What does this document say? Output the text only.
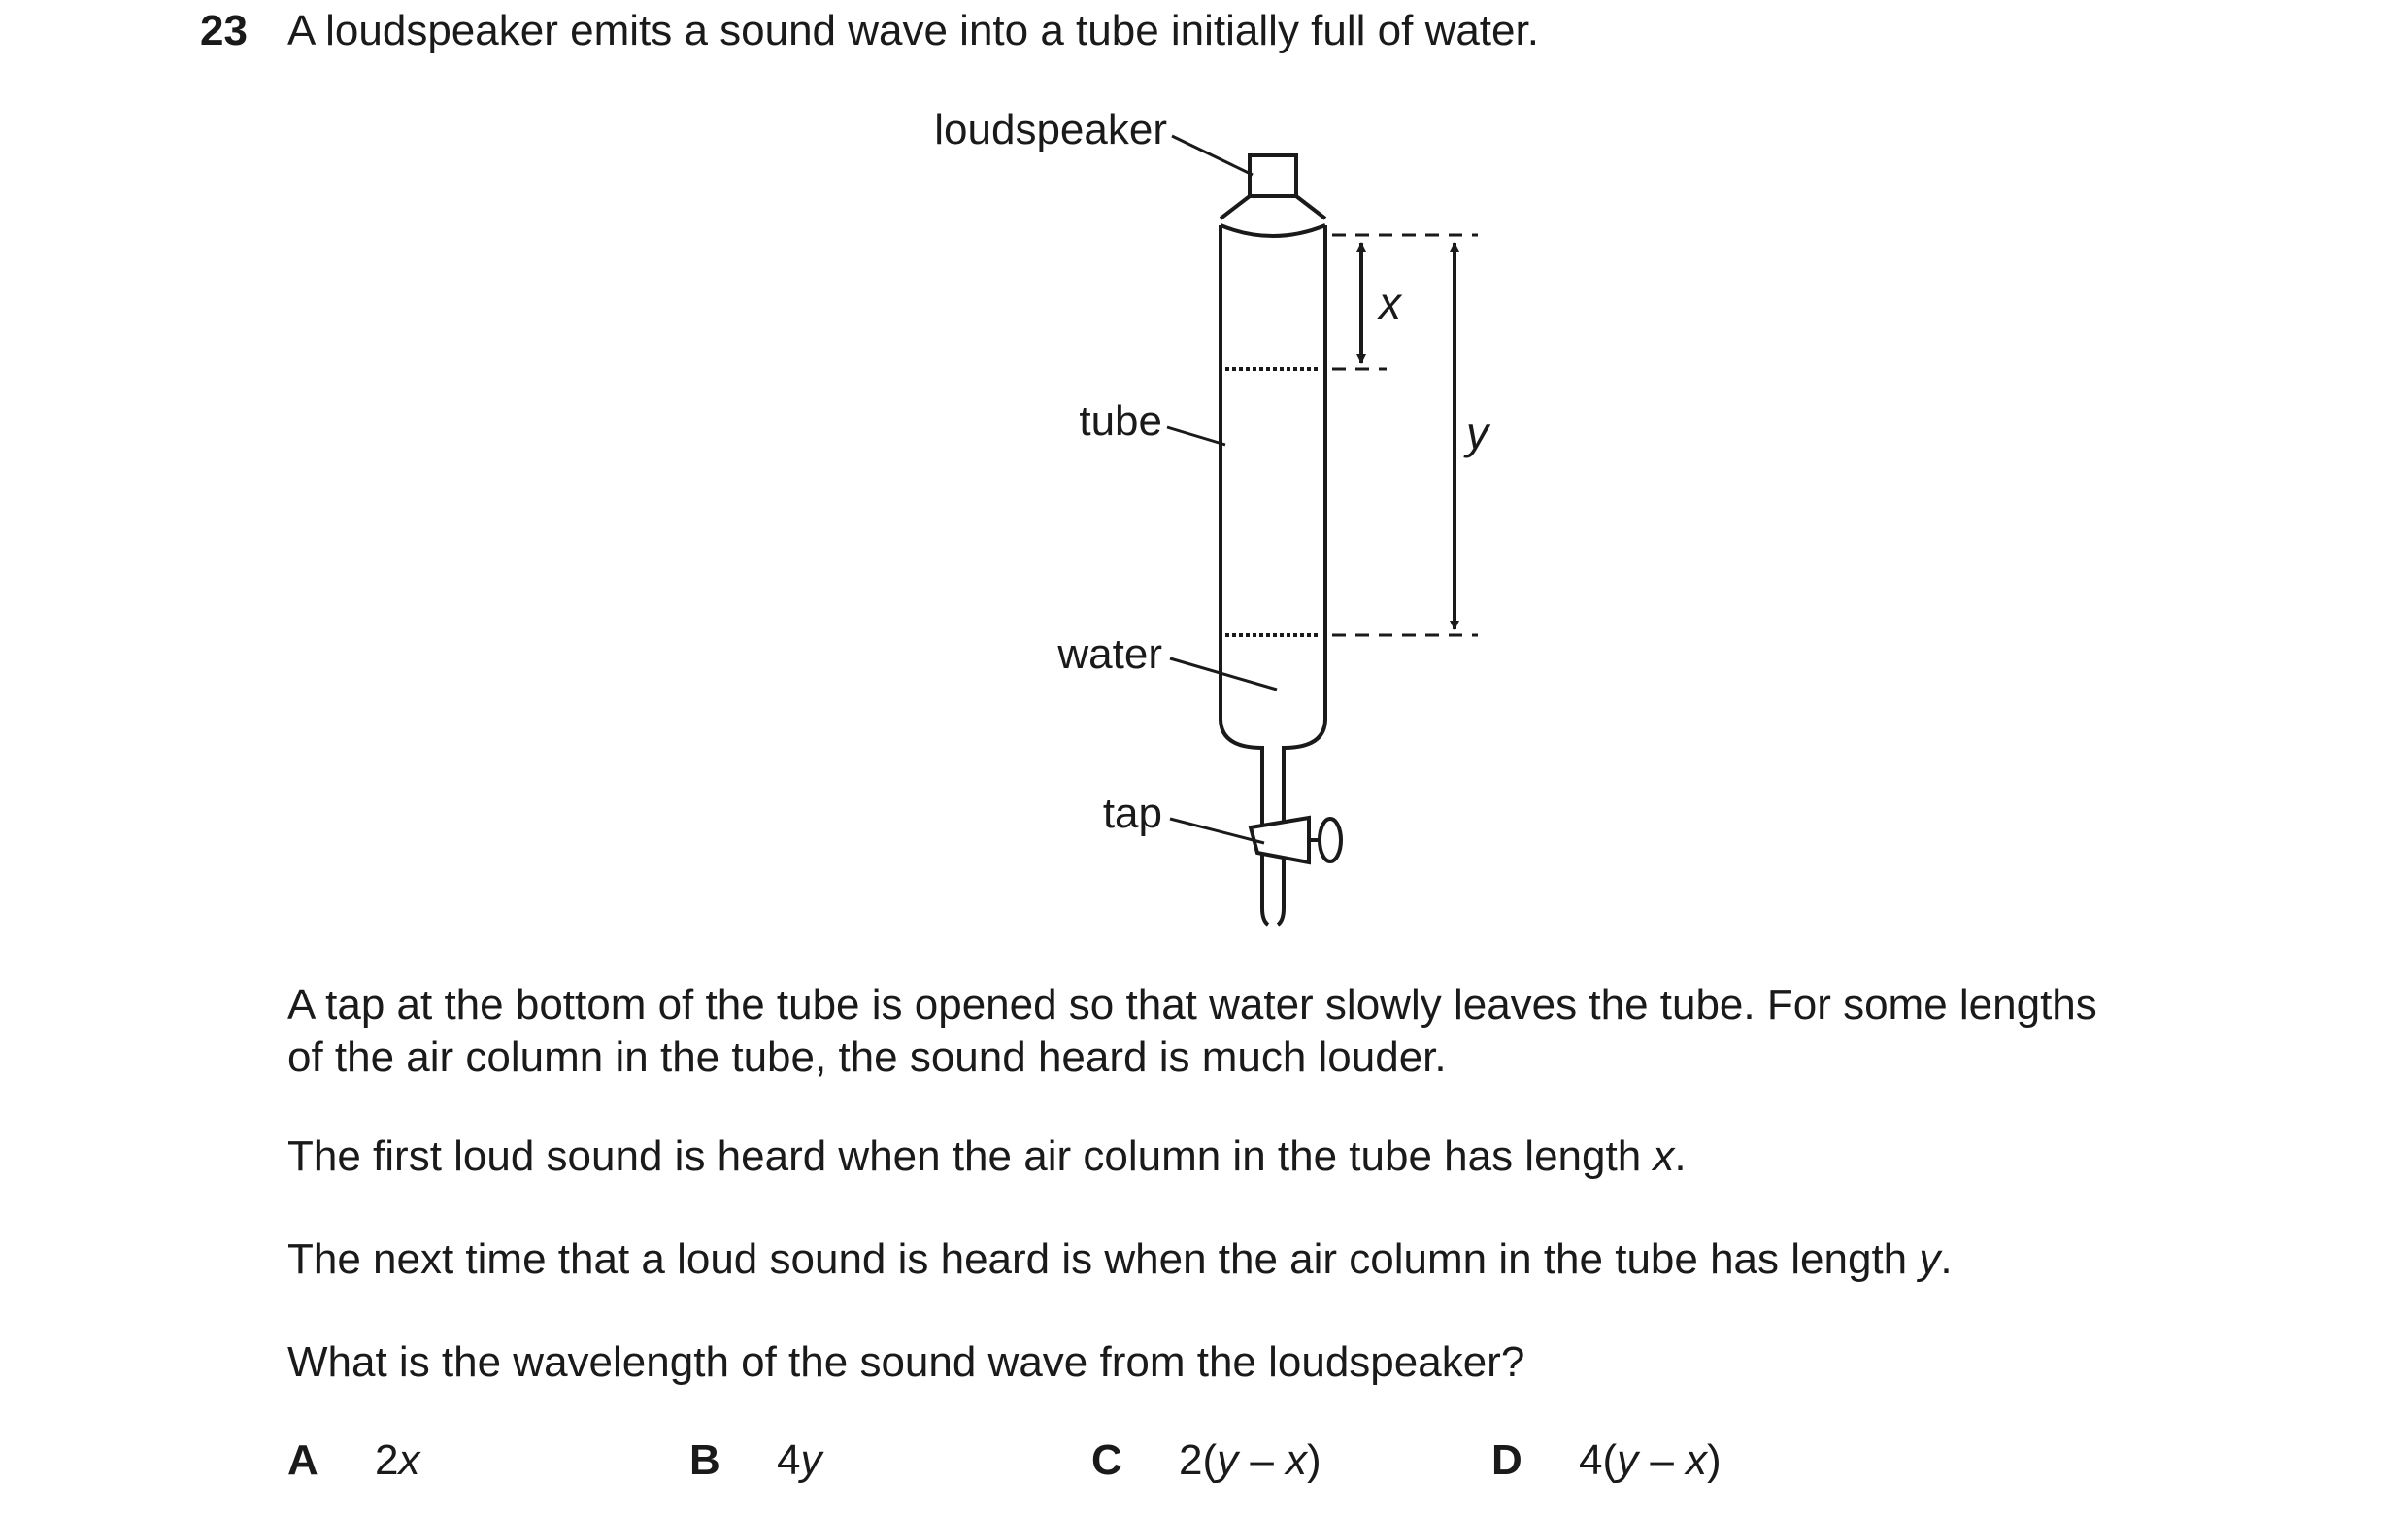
23 A loudspeaker emits a sound wave into a tube initially full of water.
loudspeaker
tube
water
tap
x
y
A tap at the bottom of the tube is opened so that water slowly leaves the tube. For some lengths
of the air column in the tube, the sound heard is much louder.
The first loud sound is heard when the air column in the tube has length x.
The next time that a loud sound is heard is when the air column in the tube has length y.
What is the wavelength of the sound wave from the loudspeaker?
A 2x	B 4y	C 2(y – x)	D 4(y – x)
